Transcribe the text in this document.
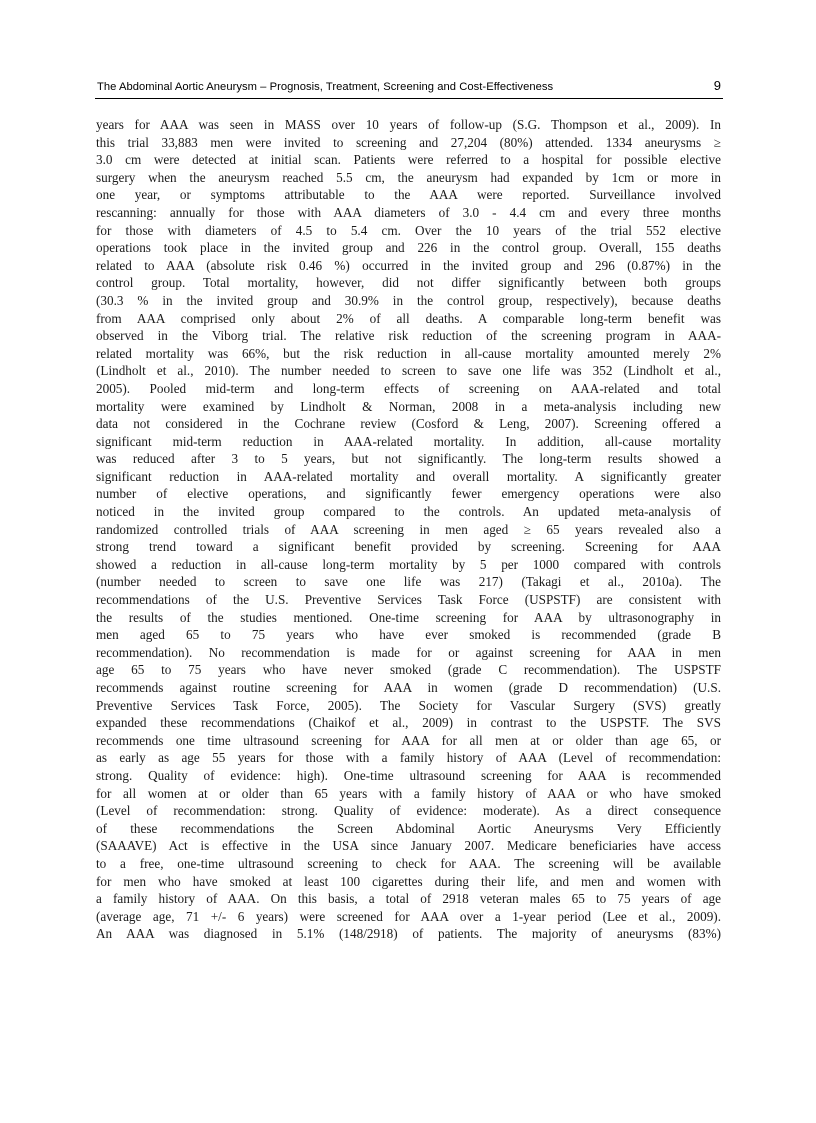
The Abdominal Aortic Aneurysm – Prognosis, Treatment, Screening and Cost-Effectiveness	9
years for AAA was seen in MASS over 10 years of follow-up (S.G. Thompson et al., 2009). In
this trial 33,883 men were invited to screening and 27,204 (80%) attended. 1334 aneurysms ≥
3.0 cm were detected at initial scan. Patients were referred to a hospital for possible elective
surgery when the aneurysm reached 5.5 cm, the aneurysm had expanded by 1cm or more in
one year, or symptoms attributable to the AAA were reported. Surveillance involved
rescanning: annually for those with AAA diameters of 3.0 - 4.4 cm and every three months
for those with diameters of 4.5 to 5.4 cm. Over the 10 years of the trial 552 elective
operations took place in the invited group and 226 in the control group. Overall, 155 deaths
related to AAA (absolute risk 0.46 %) occurred in the invited group and 296 (0.87%) in the
control group. Total mortality, however, did not differ significantly between both groups
(30.3 % in the invited group and 30.9% in the control group, respectively), because deaths
from AAA comprised only about 2% of all deaths. A comparable long-term benefit was
observed in the Viborg trial. The relative risk reduction of the screening program in AAA-
related mortality was 66%, but the risk reduction in all-cause mortality amounted merely 2%
(Lindholt et al., 2010). The number needed to screen to save one life was 352 (Lindholt et al.,
2005). Pooled mid-term and long-term effects of screening on AAA-related and total
mortality were examined by Lindholt & Norman, 2008 in a meta-analysis including new
data not considered in the Cochrane review (Cosford & Leng, 2007). Screening offered a
significant mid-term reduction in AAA-related mortality. In addition, all-cause mortality
was reduced after 3 to 5 years, but not significantly. The long-term results showed a
significant reduction in AAA-related mortality and overall mortality. A significantly greater
number of elective operations, and significantly fewer emergency operations were also
noticed in the invited group compared to the controls. An updated meta-analysis of
randomized controlled trials of AAA screening in men aged ≥ 65 years revealed also a
strong trend toward a significant benefit provided by screening. Screening for AAA
showed a reduction in all-cause long-term mortality by 5 per 1000 compared with controls
(number needed to screen to save one life was 217) (Takagi et al., 2010a). The
recommendations of the U.S. Preventive Services Task Force (USPSTF) are consistent with
the results of the studies mentioned. One-time screening for AAA by ultrasonography in
men aged 65 to 75 years who have ever smoked is recommended (grade B
recommendation). No recommendation is made for or against screening for AAA in men
age 65 to 75 years who have never smoked (grade C recommendation). The USPSTF
recommends against routine screening for AAA in women (grade D recommendation) (U.S.
Preventive Services Task Force, 2005). The Society for Vascular Surgery (SVS) greatly
expanded these recommendations (Chaikof et al., 2009) in contrast to the USPSTF. The SVS
recommends one time ultrasound screening for AAA for all men at or older than age 65, or
as early as age 55 years for those with a family history of AAA (Level of recommendation:
strong. Quality of evidence: high). One-time ultrasound screening for AAA is recommended
for all women at or older than 65 years with a family history of AAA or who have smoked
(Level of recommendation: strong. Quality of evidence: moderate). As a direct consequence
of these recommendations the Screen Abdominal Aortic Aneurysms Very Efficiently
(SAAAVE) Act is effective in the USA since January 2007. Medicare beneficiaries have access
to a free, one-time ultrasound screening to check for AAA. The screening will be available
for men who have smoked at least 100 cigarettes during their life, and men and women with
a family history of AAA. On this basis, a total of 2918 veteran males 65 to 75 years of age
(average age, 71 +/- 6 years) were screened for AAA over a 1-year period (Lee et al., 2009).
An AAA was diagnosed in 5.1% (148/2918) of patients. The majority of aneurysms (83%)
